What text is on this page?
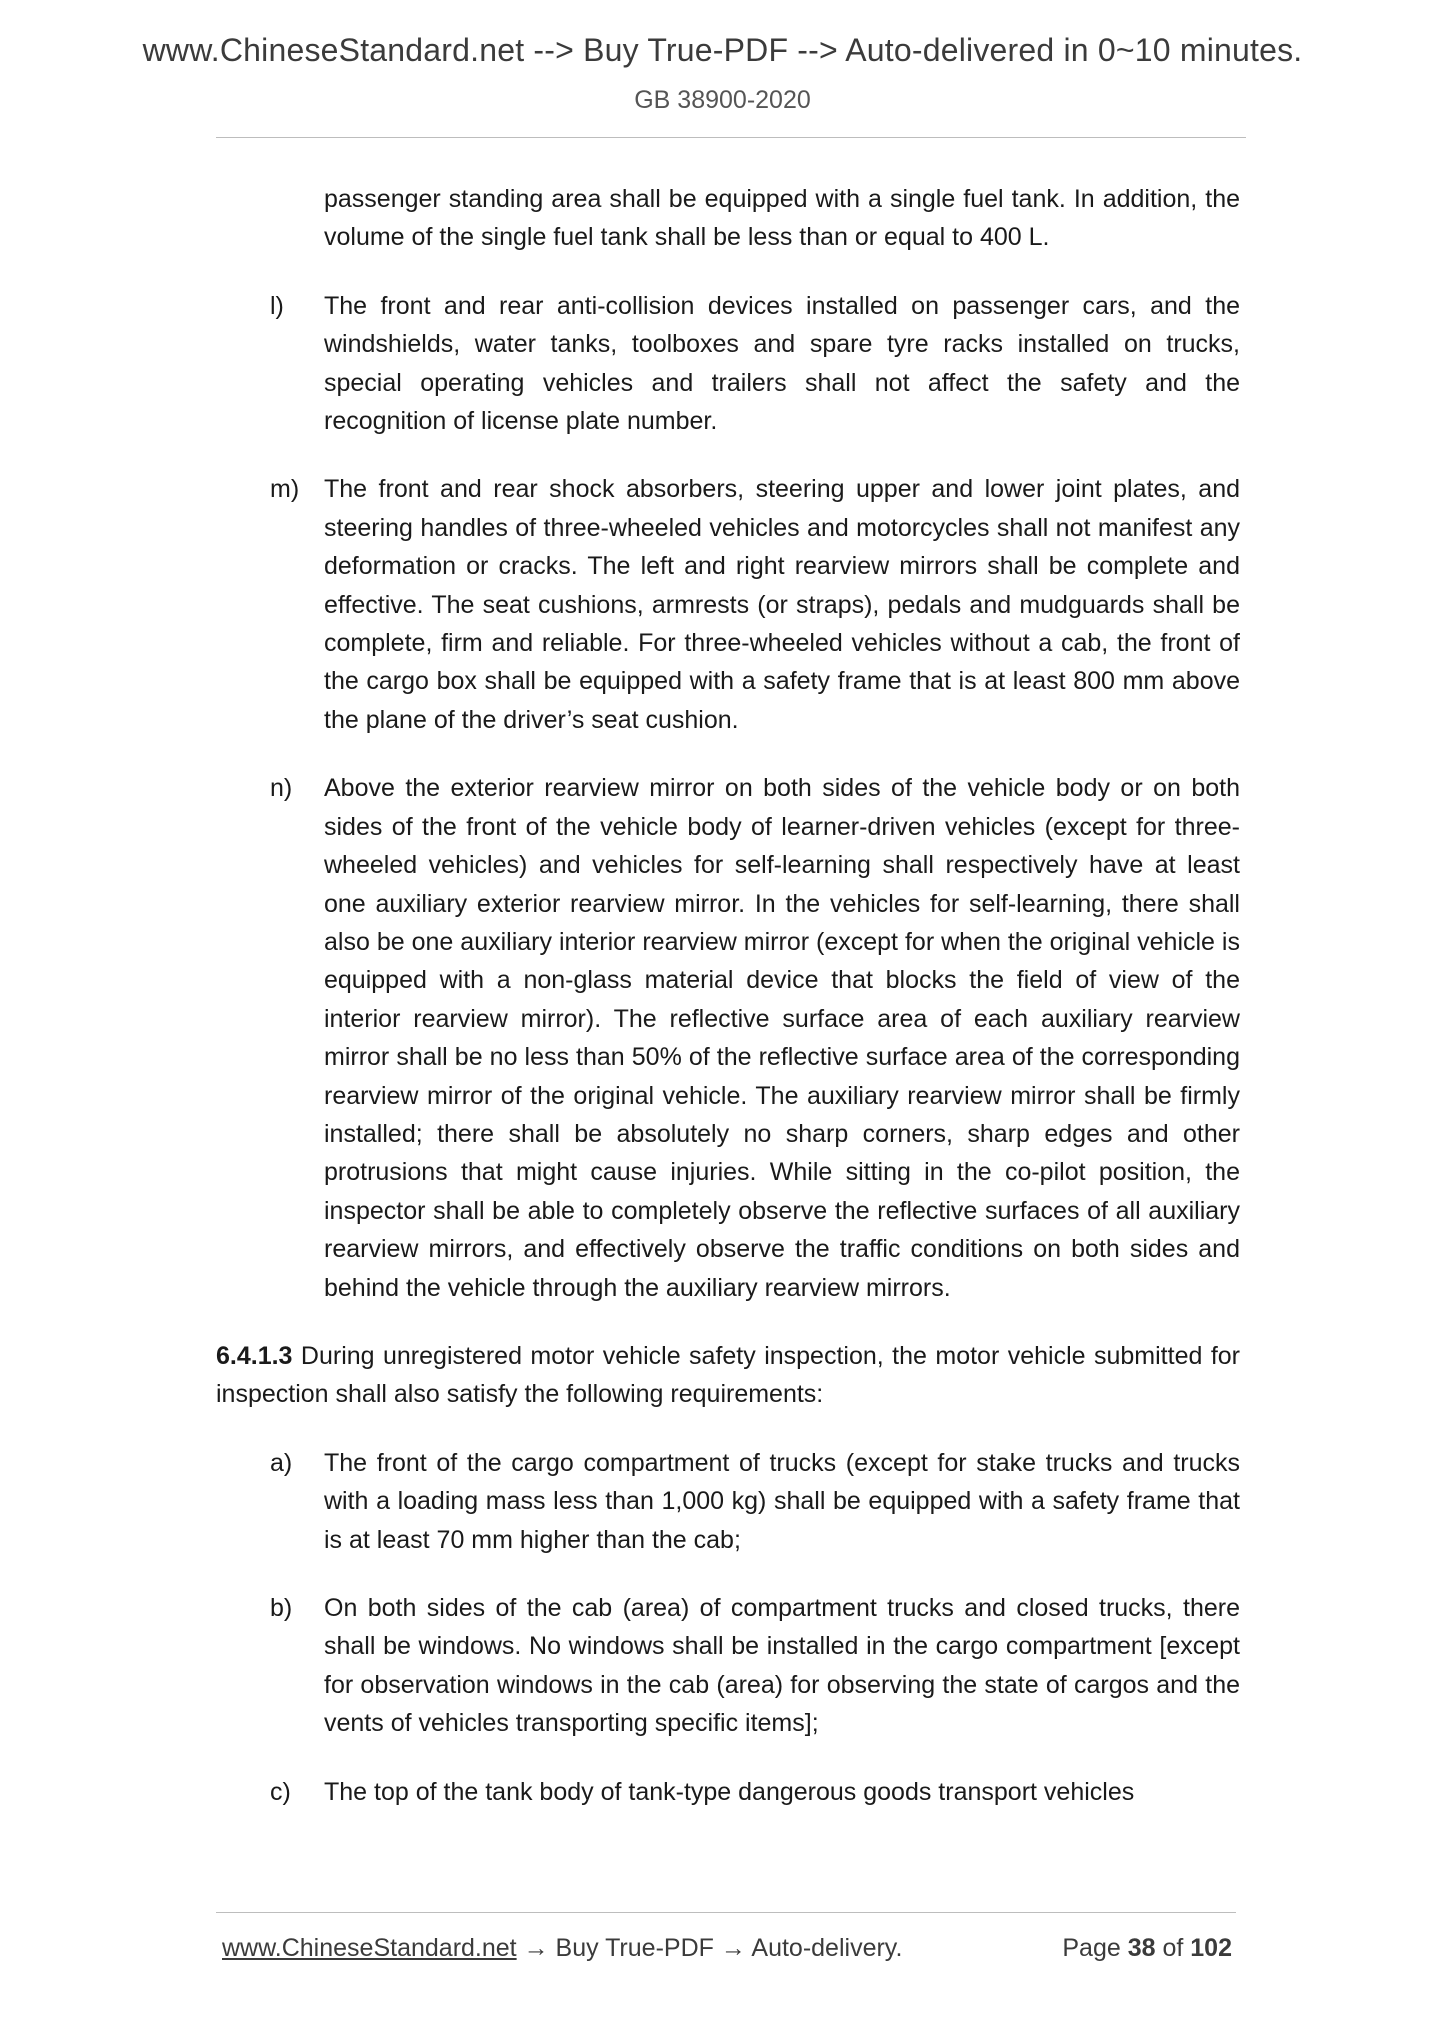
www.ChineseStandard.net --> Buy True-PDF --> Auto-delivered in 0~10 minutes.
GB 38900-2020
passenger standing area shall be equipped with a single fuel tank. In addition, the volume of the single fuel tank shall be less than or equal to 400 L.
l) The front and rear anti-collision devices installed on passenger cars, and the windshields, water tanks, toolboxes and spare tyre racks installed on trucks, special operating vehicles and trailers shall not affect the safety and the recognition of license plate number.
m) The front and rear shock absorbers, steering upper and lower joint plates, and steering handles of three-wheeled vehicles and motorcycles shall not manifest any deformation or cracks. The left and right rearview mirrors shall be complete and effective. The seat cushions, armrests (or straps), pedals and mudguards shall be complete, firm and reliable. For three-wheeled vehicles without a cab, the front of the cargo box shall be equipped with a safety frame that is at least 800 mm above the plane of the driver’s seat cushion.
n) Above the exterior rearview mirror on both sides of the vehicle body or on both sides of the front of the vehicle body of learner-driven vehicles (except for three-wheeled vehicles) and vehicles for self-learning shall respectively have at least one auxiliary exterior rearview mirror. In the vehicles for self-learning, there shall also be one auxiliary interior rearview mirror (except for when the original vehicle is equipped with a non-glass material device that blocks the field of view of the interior rearview mirror). The reflective surface area of each auxiliary rearview mirror shall be no less than 50% of the reflective surface area of the corresponding rearview mirror of the original vehicle. The auxiliary rearview mirror shall be firmly installed; there shall be absolutely no sharp corners, sharp edges and other protrusions that might cause injuries. While sitting in the co-pilot position, the inspector shall be able to completely observe the reflective surfaces of all auxiliary rearview mirrors, and effectively observe the traffic conditions on both sides and behind the vehicle through the auxiliary rearview mirrors.
6.4.1.3 During unregistered motor vehicle safety inspection, the motor vehicle submitted for inspection shall also satisfy the following requirements:
a) The front of the cargo compartment of trucks (except for stake trucks and trucks with a loading mass less than 1,000 kg) shall be equipped with a safety frame that is at least 70 mm higher than the cab;
b) On both sides of the cab (area) of compartment trucks and closed trucks, there shall be windows. No windows shall be installed in the cargo compartment [except for observation windows in the cab (area) for observing the state of cargos and the vents of vehicles transporting specific items];
c) The top of the tank body of tank-type dangerous goods transport vehicles
www.ChineseStandard.net → Buy True-PDF → Auto-delivery.	Page 38 of 102
